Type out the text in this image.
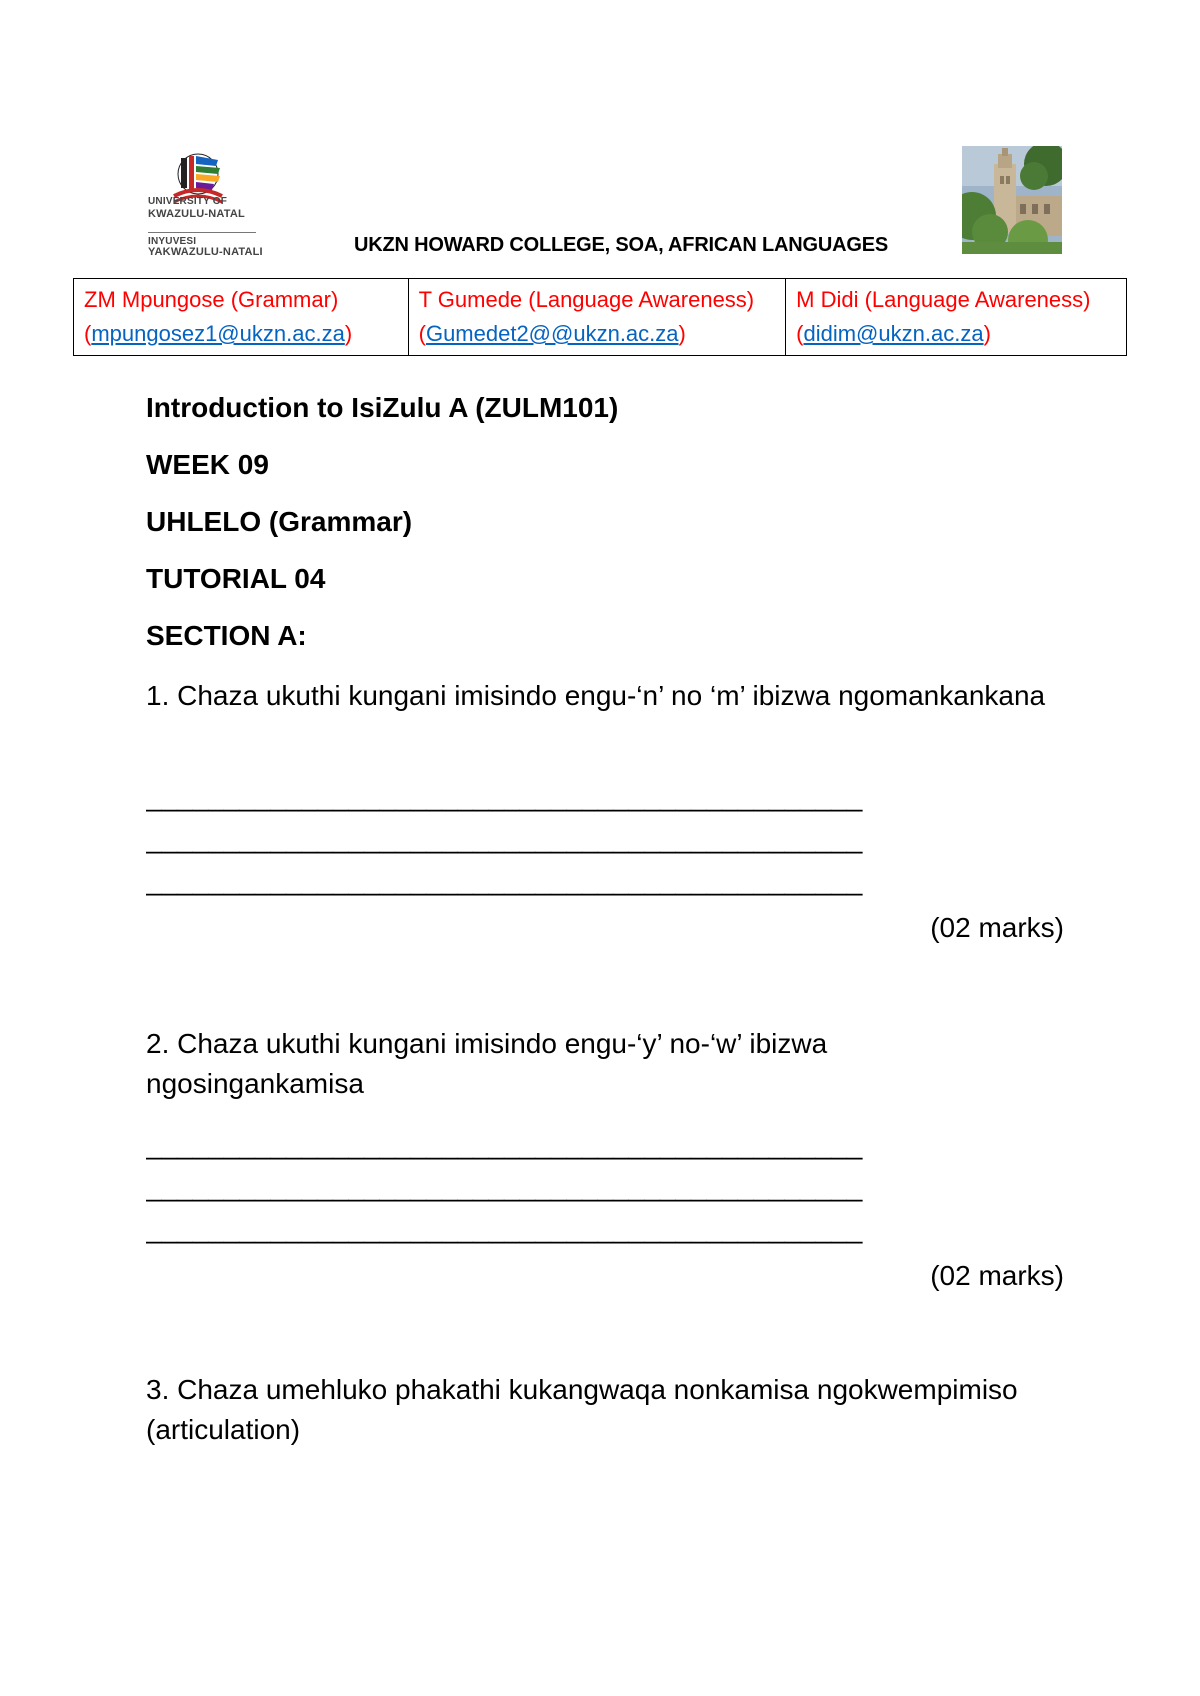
UNIVERSITY OF
KWAZULU-NATAL
INYUVESI
YAKWAZULU-NATALI	UKZN HOWARD COLLEGE, SOA, AFRICAN LANGUAGES
ZM Mpungose (Grammar)
(mpungosez1@ukzn.ac.za)

T Gumede (Language Awareness)
(Gumedet2@@ukzn.ac.za)

M Didi (Language Awareness)
(didim@ukzn.ac.za)
Introduction to IsiZulu A (ZULM101)
WEEK 09
UHLELO (Grammar)
TUTORIAL 04
SECTION A:
1. Chaza ukuthi kungani imisindo engu-‘n’ no ‘m’ ibizwa ngomankankana
______________________________________________
______________________________________________
______________________________________________
(02 marks)
2. Chaza ukuthi kungani imisindo engu-‘y’ no-‘w’ ibizwa ngosingankamisa
______________________________________________
______________________________________________
______________________________________________
(02 marks)
3. Chaza umehluko phakathi kukangwaqa nonkamisa ngokwempimiso (articulation)
